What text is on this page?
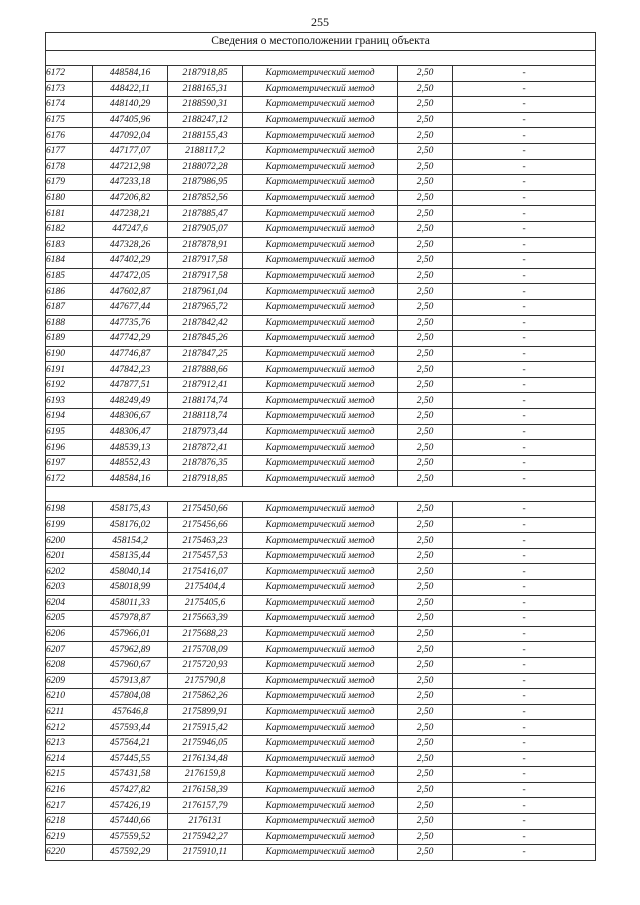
255
Сведения о местоположении границ объекта					

6172	448584,16	2187918,85	Картометрический метод	2,50	-
6173	448422,11	2188165,31	Картометрический метод	2,50	-
6174	448140,29	2188590,31	Картометрический метод	2,50	-
6175	447405,96	2188247,12	Картометрический метод	2,50	-
6176	447092,04	2188155,43	Картометрический метод	2,50	-
6177	447177,07	2188117,2	Картометрический метод	2,50	-
6178	447212,98	2188072,28	Картометрический метод	2,50	-
6179	447233,18	2187986,95	Картометрический метод	2,50	-
6180	447206,82	2187852,56	Картометрический метод	2,50	-
6181	447238,21	2187885,47	Картометрический метод	2,50	-
6182	447247,6	2187905,07	Картометрический метод	2,50	-
6183	447328,26	2187878,91	Картометрический метод	2,50	-
6184	447402,29	2187917,58	Картометрический метод	2,50	-
6185	447472,05	2187917,58	Картометрический метод	2,50	-
6186	447602,87	2187961,04	Картометрический метод	2,50	-
6187	447677,44	2187965,72	Картометрический метод	2,50	-
6188	447735,76	2187842,42	Картометрический метод	2,50	-
6189	447742,29	2187845,26	Картометрический метод	2,50	-
6190	447746,87	2187847,25	Картометрический метод	2,50	-
6191	447842,23	2187888,66	Картометрический метод	2,50	-
6192	447877,51	2187912,41	Картометрический метод	2,50	-
6193	448249,49	2188174,74	Картометрический метод	2,50	-
6194	448306,67	2188118,74	Картометрический метод	2,50	-
6195	448306,47	2187973,44	Картометрический метод	2,50	-
6196	448539,13	2187872,41	Картометрический метод	2,50	-
6197	448552,43	2187876,35	Картометрический метод	2,50	-
6172	448584,16	2187918,85	Картометрический метод	2,50	-

6198	458175,43	2175450,66	Картометрический метод	2,50	-
6199	458176,02	2175456,66	Картометрический метод	2,50	-
6200	458154,2	2175463,23	Картометрический метод	2,50	-
6201	458135,44	2175457,53	Картометрический метод	2,50	-
6202	458040,14	2175416,07	Картометрический метод	2,50	-
6203	458018,99	2175404,4	Картометрический метод	2,50	-
6204	458011,33	2175405,6	Картометрический метод	2,50	-
6205	457978,87	2175663,39	Картометрический метод	2,50	-
6206	457966,01	2175688,23	Картометрический метод	2,50	-
6207	457962,89	2175708,09	Картометрический метод	2,50	-
6208	457960,67	2175720,93	Картометрический метод	2,50	-
6209	457913,87	2175790,8	Картометрический метод	2,50	-
6210	457804,08	2175862,26	Картометрический метод	2,50	-
6211	457646,8	2175899,91	Картометрический метод	2,50	-
6212	457593,44	2175915,42	Картометрический метод	2,50	-
6213	457564,21	2175946,05	Картометрический метод	2,50	-
6214	457445,55	2176134,48	Картометрический метод	2,50	-
6215	457431,58	2176159,8	Картометрический метод	2,50	-
6216	457427,82	2176158,39	Картометрический метод	2,50	-
6217	457426,19	2176157,79	Картометрический метод	2,50	-
6218	457440,66	2176131	Картометрический метод	2,50	-
6219	457559,52	2175942,27	Картометрический метод	2,50	-
6220	457592,29	2175910,11	Картометрический метод	2,50	-
